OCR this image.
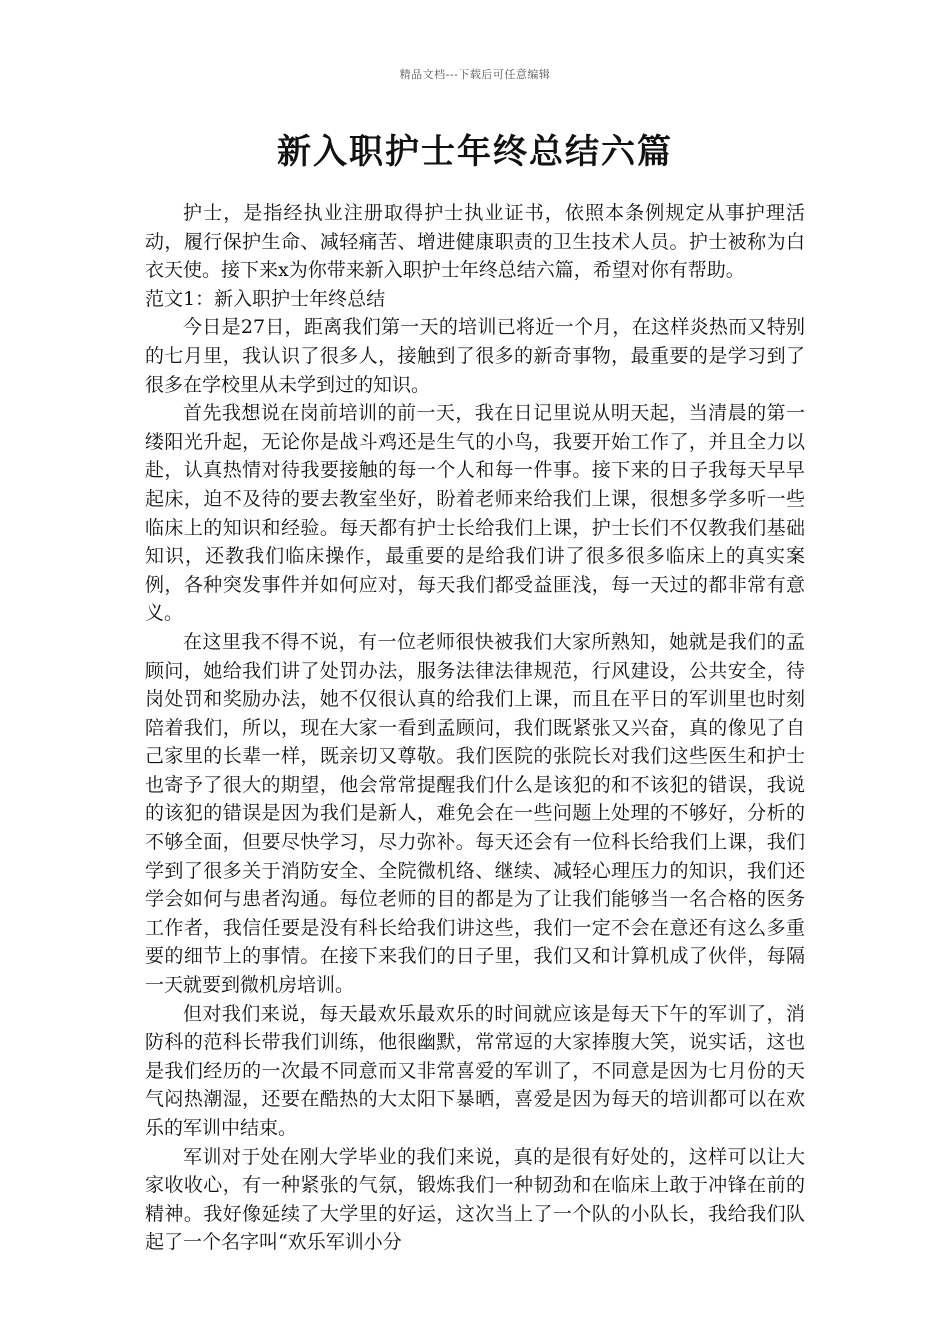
精品文档---下载后可任意编辑
新入职护士年终总结六篇

护士，是指经执业注册取得护士执业证书，依照本条例规定从事护理活动，履行保护生命、减轻痛苦、增进健康职责的卫生技术人员。护士被称为白衣天使。接下来x为你带来新入职护士年终总结六篇，希望对你有帮助。

范文1：新入职护士年终总结

今日是27日，距离我们第一天的培训已将近一个月，在这样炎热而又特别的七月里，我认识了很多人，接触到了很多的新奇事物，最重要的是学习到了很多在学校里从未学到过的知识。

首先我想说在岗前培训的前一天，我在日记里说从明天起，当清晨的第一缕阳光升起，无论你是战斗鸡还是生气的小鸟，我要开始工作了，并且全力以赴，认真热情对待我要接触的每一个人和每一件事。接下来的日子我每天早早起床，迫不及待的要去教室坐好，盼着老师来给我们上课，很想多学多听一些临床上的知识和经验。每天都有护士长给我们上课，护士长们不仅教我们基础知识，还教我们临床操作，最重要的是给我们讲了很多很多临床上的真实案例，各种突发事件并如何应对，每天我们都受益匪浅，每一天过的都非常有意义。

在这里我不得不说，有一位老师很快被我们大家所熟知，她就是我们的孟顾问，她给我们讲了处罚办法，服务法律法律规范，行风建设，公共安全，待岗处罚和奖励办法，她不仅很认真的给我们上课，而且在平日的军训里也时刻陪着我们，所以，现在大家一看到孟顾问，我们既紧张又兴奋，真的像见了自己家里的长辈一样，既亲切又尊敬。我们医院的张院长对我们这些医生和护士也寄予了很大的期望，他会常常提醒我们什么是该犯的和不该犯的错误，我说的该犯的错误是因为我们是新人，难免会在一些问题上处理的不够好，分析的不够全面，但要尽快学习，尽力弥补。每天还会有一位科长给我们上课，我们学到了很多关于消防安全、全院微机络、继续、减轻心理压力的知识，我们还学会如何与患者沟通。每位老师的目的都是为了让我们能够当一名合格的医务工作者，我信任要是没有科长给我们讲这些，我们一定不会在意还有这么多重要的细节上的事情。在接下来我们的日子里，我们又和计算机成了伙伴，每隔一天就要到微机房培训。

但对我们来说，每天最欢乐最欢乐的时间就应该是每天下午的军训了，消防科的范科长带我们训练，他很幽默，常常逗的大家捧腹大笑，说实话，这也是我们经历的一次最不同意而又非常喜爱的军训了，不同意是因为七月份的天气闷热潮湿，还要在酷热的大太阳下暴晒，喜爱是因为每天的培训都可以在欢乐的军训中结束。

军训对于处在刚大学毕业的我们来说，真的是很有好处的，这样可以让大家收收心，有一种紧张的气氛，锻炼我们一种韧劲和在临床上敢于冲锋在前的精神。我好像延续了大学里的好运，这次当上了一个队的小队长，我给我们队起了一个名字叫“欢乐军训小分
